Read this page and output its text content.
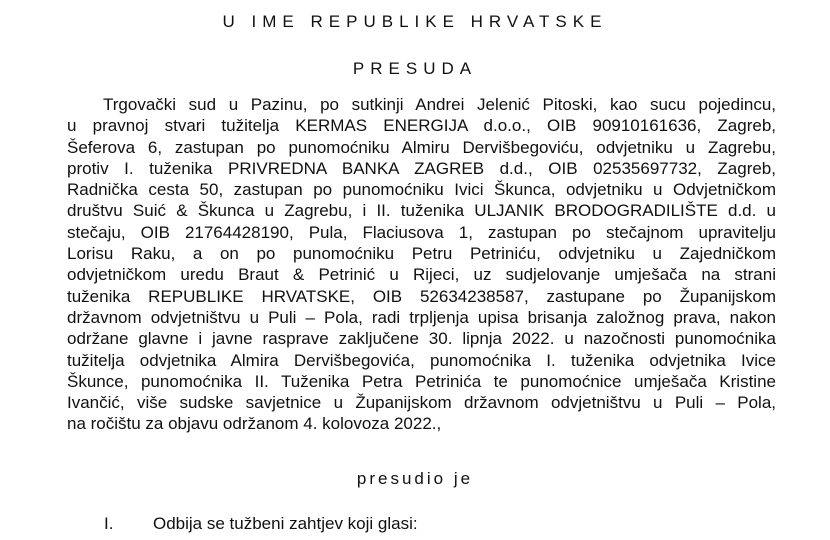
U IME REPUBLIKE HRVATSKE
PRESUDA
Trgovački sud u Pazinu, po sutkinji Andrei Jelenić Pitoski, kao sucu pojedincu,
u pravnoj stvari tužitelja KERMAS ENERGIJA d.o.o., OIB 90910161636, Zagreb,
Šeferova 6, zastupan po punomoćniku Almiru Dervišbegoviću, odvjetniku u Zagrebu,
protiv I. tuženika PRIVREDNA BANKA ZAGREB d.d., OIB 02535697732, Zagreb,
Radnička cesta 50, zastupan po punomoćniku Ivici Škunca, odvjetniku u Odvjetničkom
društvu Suić & Škunca u Zagrebu, i II. tuženika ULJANIK BRODOGRADILIŠTE d.d. u
stečaju, OIB 21764428190, Pula, Flaciusova 1, zastupan po stečajnom upravitelju
Lorisu Raku, a on po punomoćniku Petru Petriniću, odvjetniku u Zajedničkom
odvjetničkom uredu Braut & Petrinić u Rijeci, uz sudjelovanje umješača na strani
tuženika REPUBLIKE HRVATSKE, OIB 52634238587, zastupane po Županijskom
državnom odvjetništvu u Puli – Pola, radi trpljenja upisa brisanja založnog prava, nakon
održane glavne i javne rasprave zaključene 30. lipnja 2022. u nazočnosti punomoćnika
tužitelja odvjetnika Almira Dervišbegovića, punomoćnika I. tuženika odvjetnika Ivice
Škunce, punomoćnika II. Tuženika Petra Petrinića te punomoćnice umješača Kristine
Ivančić, više sudske savjetnice u Županijskom državnom odvjetništvu u Puli – Pola,
na ročištu za objavu održanom 4. kolovoza 2022.,
presudio je
I. Odbija se tužbeni zahtjev koji glasi:
